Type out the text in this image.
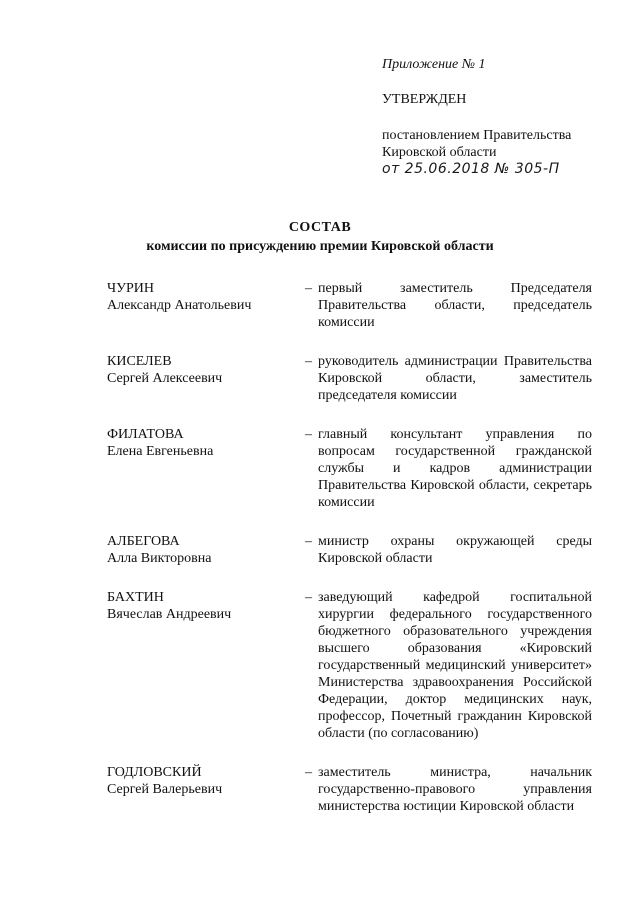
Приложение № 1
УТВЕРЖДЕН
постановлением Правительства
Кировской области
от 25.06.2018 № 305-П
СОСТАВ
комиссии по присуждению премии Кировской области
ЧУРИН
Александр Анатольевич
– первый заместитель Председателя Правительства области, председатель комиссии
КИСЕЛЕВ
Сергей Алексеевич
– руководитель администрации Правительства Кировской области, заместитель председателя комиссии
ФИЛАТОВА
Елена Евгеньевна
– главный консультант управления по вопросам государственной гражданской службы и кадров администрации Правительства Кировской области, секретарь комиссии
АЛБЕГОВА
Алла Викторовна
– министр охраны окружающей среды Кировской области
БАХТИН
Вячеслав Андреевич
– заведующий кафедрой госпитальной хирургии федерального государственного бюджетного образовательного учреждения высшего образования «Кировский государственный медицинский университет» Министерства здравоохранения Российской Федерации, доктор медицинских наук, профессор, Почетный гражданин Кировской области (по согласованию)
ГОДЛОВСКИЙ
Сергей Валерьевич
– заместитель министра, начальник государственно-правового управления министерства юстиции Кировской области
